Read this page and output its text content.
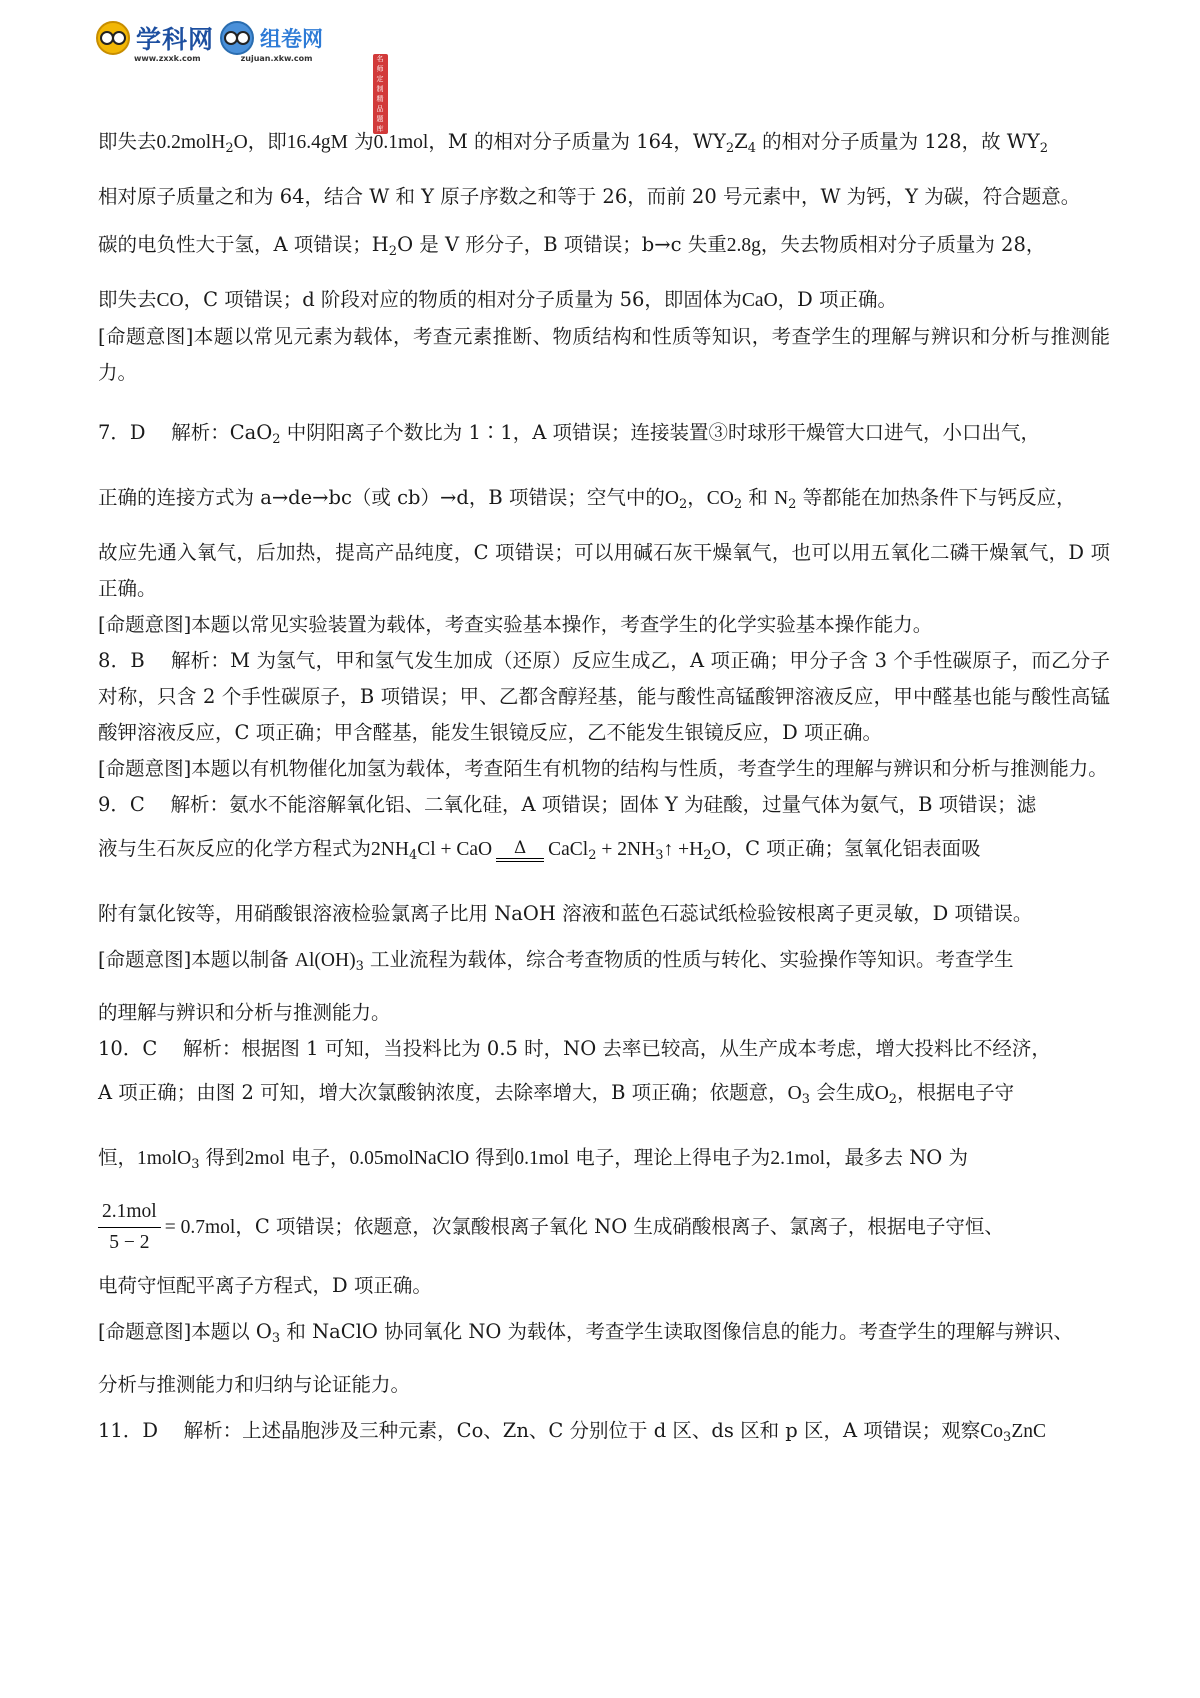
学科网 组卷网
www.zxxk.com	zujuan.xkw.com	名师定制精品题库
即失去0.2molH$_2$O，即16.4gM 为0.1mol，M 的相对分子质量为 164，$WY_2Z_4$ 的相对分子质量为 128，故 $WY_2$

相对原子质量之和为 64，结合 W 和 Y 原子序数之和等于 26，而前 20 号元素中，W 为钙，Y 为碳，符合题意。

碳的电负性大于氢，A 项错误；$H_2O$ 是 V 形分子，B 项错误；b→c 失重2.8g，失去物质相对分子质量为 28，
即失去CO，C 项错误；d 阶段对应的物质的相对分子质量为 56，即固体为CaO，D 项正确。

[命题意图]本题以常见元素为载体，考查元素推断、物质结构和性质等知识，考查学生的理解与辨识和分析与推测能力。

7．D　 解析：CaO$_2$ 中阴阳离子个数比为 1∶1，A 项错误；连接装置③时球形干燥管大口进气，小口出气，
正确的连接方式为 a→de→bc（或 cb）→d，B 项错误；空气中的$O_2$，$CO_2$ 和 $N_2$ 等都能在加热条件下与钙反应，

故应先通入氧气，后加热，提高产品纯度，C 项错误；可以用碱石灰干燥氧气，也可以用五氧化二磷干燥氧气，D 项正确。

[命题意图]本题以常见实验装置为载体，考查实验基本操作，考查学生的化学实验基本操作能力。

8．B　 解析：M 为氢气，甲和氢气发生加成（还原）反应生成乙，A 项正确；甲分子含 3 个手性碳原子，而乙分子对称，只含 2 个手性碳原子，B 项错误；甲、乙都含醇羟基，能与酸性高锰酸钾溶液反应，甲中醛基也能与酸性高锰酸钾溶液反应，C 项正确；甲含醛基，能发生银镜反应，乙不能发生银镜反应，D 项正确。

[命题意图]本题以有机物催化加氢为载体，考查陌生有机物的结构与性质，考查学生的理解与辨识和分析与推测能力。

9．C　 解析：氨水不能溶解氧化铝、二氧化硅，A 项错误；固体 Y 为硅酸，过量气体为氨气，B 项错误；滤

液与生石灰反应的化学方程式为$2NH_4Cl$ + CaO Δ CaCl$_2$ + $2NH_3↑ +H_2O$，C 项正确；氢氧化铝表面吸

附有氯化铵等，用硝酸银溶液检验氯离子比用 NaOH 溶液和蓝色石蕊试纸检验铵根离子更灵敏，D 项错误。

[命题意图]本题以制备 $Al(OH)_3$ 工业流程为载体，综合考查物质的性质与转化、实验操作等知识。考查学生

的理解与辨识和分析与推测能力。

10．C　 解析：根据图 1 可知，当投料比为 0.5 时，NO 去率已较高，从生产成本考虑，增大投料比不经济，

A 项正确；由图 2 可知，增大次氯酸钠浓度，去除率增大，B 项正确；依题意，$O_3$ 会生成$O_2$，根据电子守
恒，1molO$_3$ 得到2mol 电子，0.05molNaClO 得到0.1mol 电子，理论上得电子为2.1mol，最多去 NO 为
$\frac{\text{2.1mol}}{5 - 2} = 0.7mol$，C 项错误；依题意，次氯酸根离子氧化 NO 生成硝酸根离子、氯离子，根据电子守恒、

电荷守恒配平离子方程式，D 项正确。

[命题意图]本题以 $O_3$ 和 NaClO 协同氧化 NO 为载体，考查学生读取图像信息的能力。考查学生的理解与辨识、

分析与推测能力和归纳与论证能力。

11．D　 解析：上述晶胞涉及三种元素，Co、Zn、C 分别位于 d 区、ds 区和 p 区，A 项错误；观察$Co_3ZnC$
